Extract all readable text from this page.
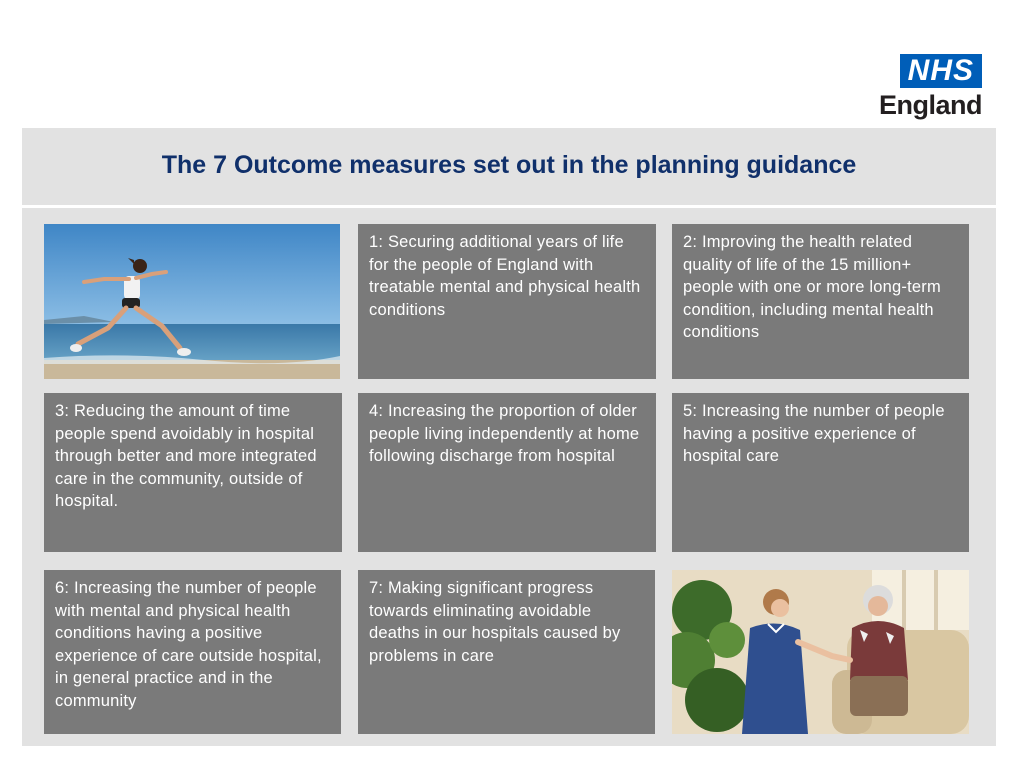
NHS
England
The 7 Outcome measures set out in the planning guidance
1: Securing additional years of life for the people of England with treatable mental and physical health conditions
2: Improving the health related quality of life of the 15 million+ people with one or more long-term condition, including mental health conditions
3: Reducing the amount of time people spend avoidably in hospital through better and more integrated care in the community, outside of hospital.
4: Increasing the proportion of older people living independently at home following discharge from hospital
5: Increasing the number of people having a positive experience of hospital care
6: Increasing the number of people with mental and physical health conditions having a positive experience of care outside hospital, in general practice and in the community
7: Making significant progress towards eliminating avoidable deaths in our hospitals caused by problems in care
